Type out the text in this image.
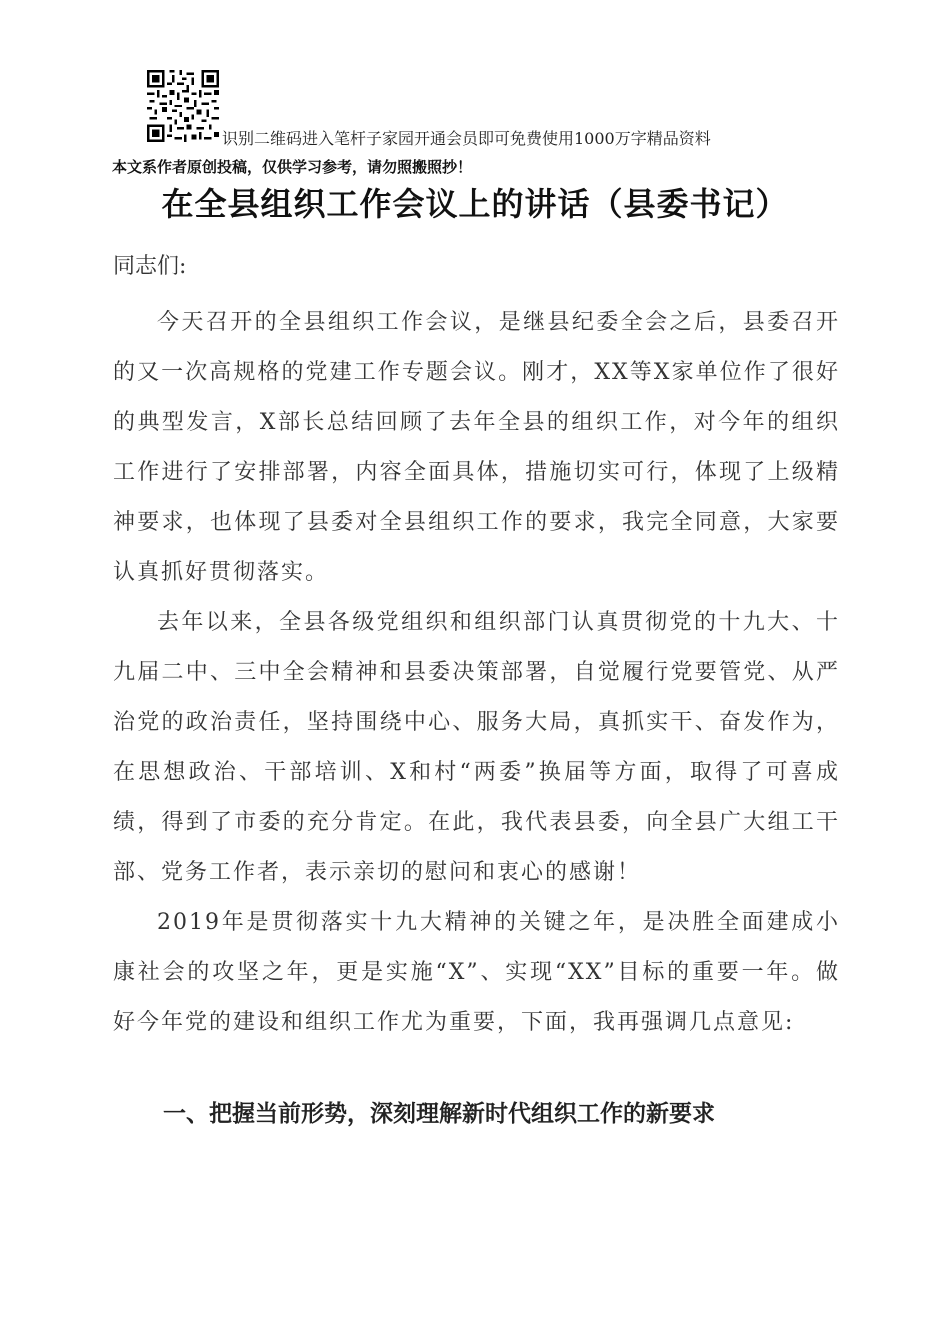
识别二维码进入笔杆子家园开通会员即可免费使用1000万字精品资料
本文系作者原创投稿，仅供学习参考，请勿照搬照抄！
在全县组织工作会议上的讲话（县委书记）
同志们:

今天召开的全县组织工作会议，是继县纪委全会之后，县委召开的又一次高规格的党建工作专题会议。刚才，XX等X家单位作了很好的典型发言，X部长总结回顾了去年全县的组织工作，对今年的组织工作进行了安排部署，内容全面具体，措施切实可行，体现了上级精神要求，也体现了县委对全县组织工作的要求，我完全同意，大家要认真抓好贯彻落实。

去年以来，全县各级党组织和组织部门认真贯彻党的十九大、十九届二中、三中全会精神和县委决策部署，自觉履行党要管党、从严治党的政治责任，坚持围绕中心、服务大局，真抓实干、奋发作为，在思想政治、干部培训、X和村“两委”换届等方面，取得了可喜成绩，得到了市委的充分肯定。在此，我代表县委，向全县广大组工干部、党务工作者，表示亲切的慰问和衷心的感谢！

2019年是贯彻落实十九大精神的关键之年，是决胜全面建成小康社会的攻坚之年，更是实施“X”、实现“XX”目标的重要一年。做好今年党的建设和组织工作尤为重要，下面，我再强调几点意见:

一、把握当前形势，深刻理解新时代组织工作的新要求
